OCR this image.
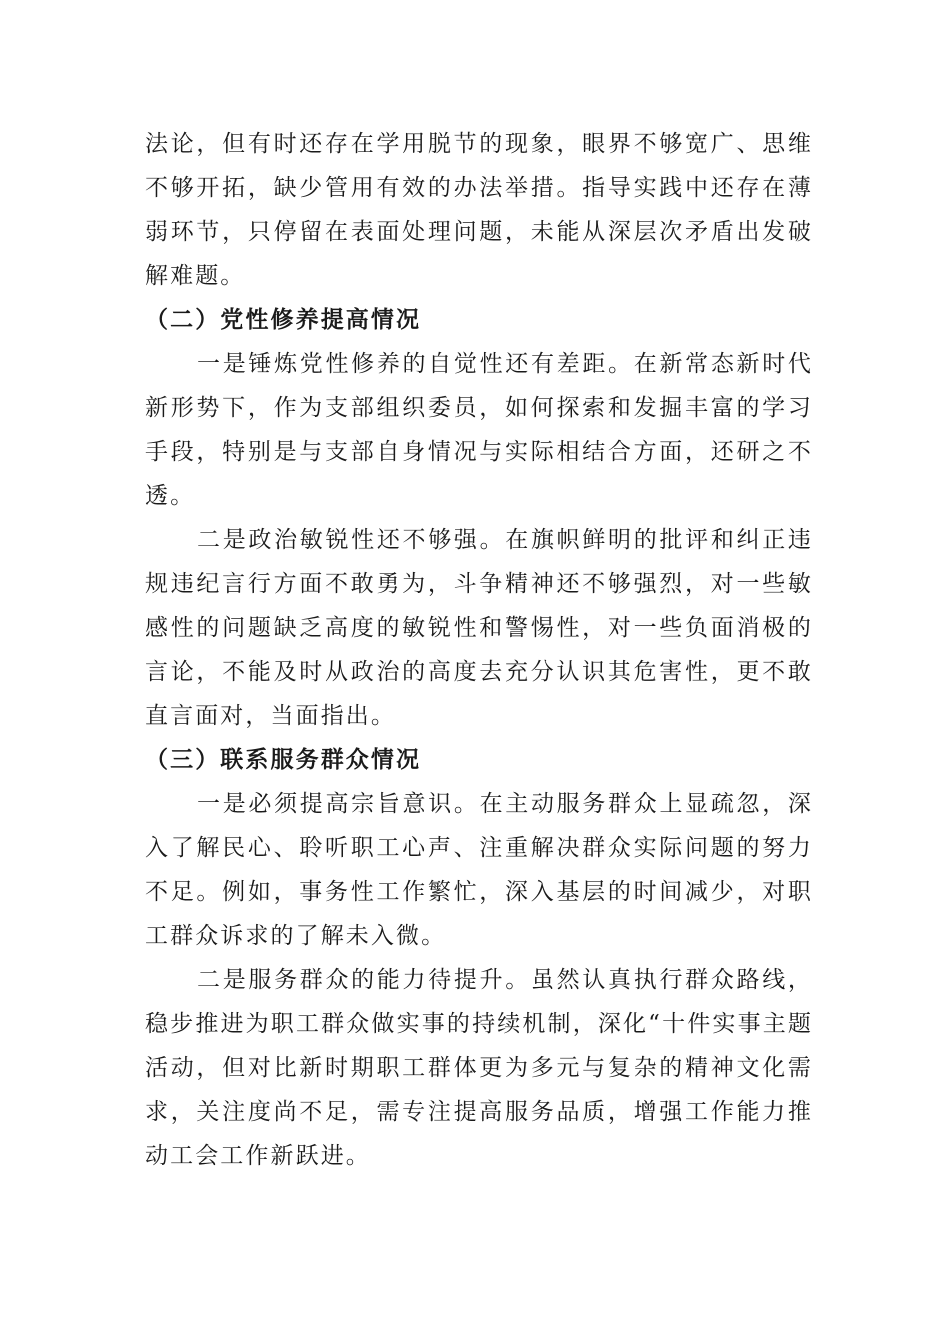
法论，但有时还存在学用脱节的现象，眼界不够宽广、思维不够开拓，缺少管用有效的办法举措。指导实践中还存在薄弱环节，只停留在表面处理问题，未能从深层次矛盾出发破解难题。

（二）党性修养提高情况

一是锤炼党性修养的自觉性还有差距。在新常态新时代新形势下，作为支部组织委员，如何探索和发掘丰富的学习手段，特别是与支部自身情况与实际相结合方面，还研之不透。

二是政治敏锐性还不够强。在旗帜鲜明的批评和纠正违规违纪言行方面不敢勇为，斗争精神还不够强烈，对一些敏感性的问题缺乏高度的敏锐性和警惕性，对一些负面消极的言论，不能及时从政治的高度去充分认识其危害性，更不敢直言面对，当面指出。

（三）联系服务群众情况

一是必须提高宗旨意识。在主动服务群众上显疏忽，深入了解民心、聆听职工心声、注重解决群众实际问题的努力不足。例如，事务性工作繁忙，深入基层的时间减少，对职工群众诉求的了解未入微。

二是服务群众的能力待提升。虽然认真执行群众路线，稳步推进为职工群众做实事的持续机制，深化“十件实事主题活动，但对比新时期职工群体更为多元与复杂的精神文化需求，关注度尚不足，需专注提高服务品质，增强工作能力推动工会工作新跃进。
